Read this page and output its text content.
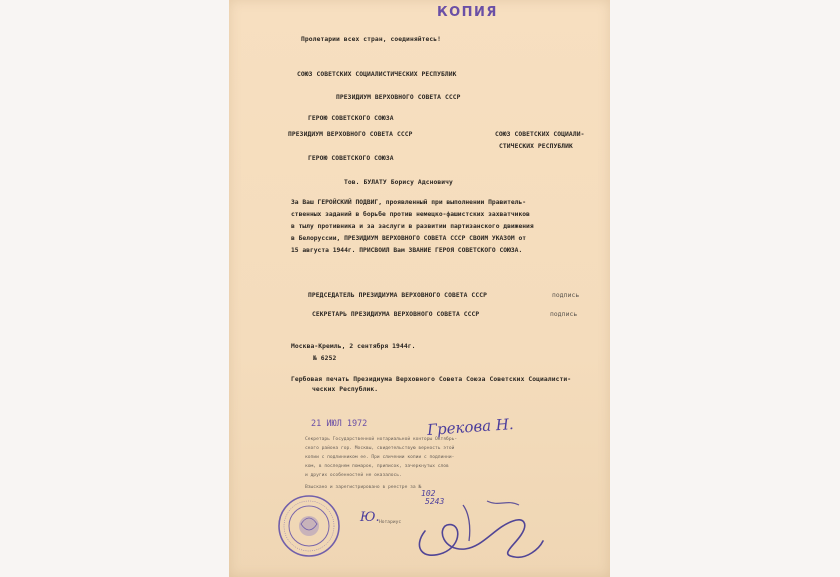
КОПИЯ
Пролетарии всех стран, соединяйтесь!
СОЮЗ СОВЕТСКИХ СОЦИАЛИСТИЧЕСКИХ РЕСПУБЛИК
ПРЕЗИДИУМ ВЕРХОВНОГО СОВЕТА СССР
ГЕРОЮ СОВЕТСКОГО СОЮЗА
ПРЕЗИДИУМ ВЕРХОВНОГО СОВЕТА СССР	СОЮЗ СОВЕТСКИХ СОЦИАЛИ-
СТИЧЕСКИХ РЕСПУБЛИК
ГЕРОЮ СОВЕТСКОГО СОЮЗА
Тов. БУЛАТУ Борису Адсновичу
За Ваш ГЕРОЙСКИЙ ПОДВИГ, проявленный при выполнении Правитель-
ственных заданий в борьбе против немецко-фашистских захватчиков
в тылу противника и за заслуги в развитии партизанского движения
в Белоруссии, ПРЕЗИДИУМ ВЕРХОВНОГО СОВЕТА СССР СВОИМ УКАЗОМ от
15 августа 1944г. ПРИСВОИЛ Вам ЗВАНИЕ ГЕРОЯ СОВЕТСКОГО СОЮЗА.
ПРЕДСЕДАТЕЛЬ ПРЕЗИДИУМА ВЕРХОВНОГО СОВЕТА СССР	подпись
СЕКРЕТАРЬ ПРЕЗИДИУМА ВЕРХОВНОГО СОВЕТА СССР	подпись
Москва-Кремль, 2 сентября 1944г.
№ 6252
Гербовая печать Президиума Верховного Совета Союза Советских Социалисти-
ческих Республик.
21 ИЮЛ 1972	Грекова Н.
Секретарь Государственной нотариальной конторы Октябрь-
ского района гор. Москвы, свидетельствую верность этой
копии с подлинником ее. При сличении копии с подлинни-
ком, в последнем помарок, приписок, зачеркнутых слов
и других особенностей не оказалось.
Взыскано и зарегистрировано в реестре за №
Нотариус
102
5243
Ю.
